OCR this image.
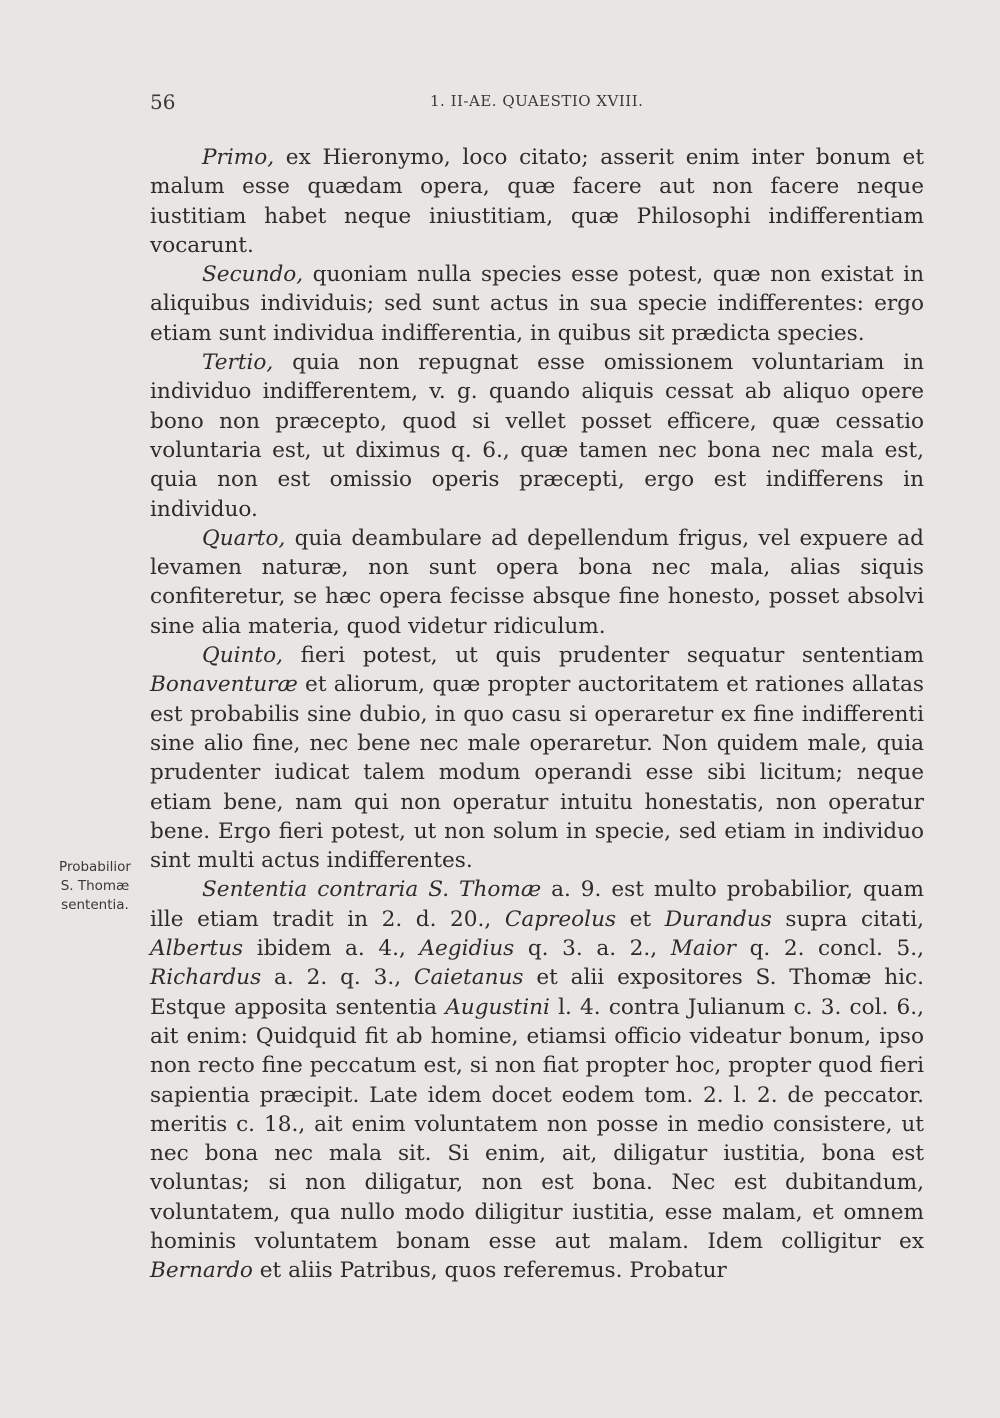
56	1. II-AE. QUAESTIO XVIII.
Probabilior
S. Thomæ
sententia.

Primo, ex Hieronymo, loco citato; asserit enim inter bonum et malum esse quædam opera, quæ facere aut non facere neque iustitiam habet neque iniustitiam, quæ Philosophi indifferentiam vocarunt.

Secundo, quoniam nulla species esse potest, quæ non existat in aliquibus individuis; sed sunt actus in sua specie indifferentes: ergo etiam sunt individua indifferentia, in quibus sit prædicta species.

Tertio, quia non repugnat esse omissionem voluntariam in individuo indifferentem, v. g. quando aliquis cessat ab aliquo opere bono non præcepto, quod si vellet posset efficere, quæ cessatio voluntaria est, ut diximus q. 6., quæ tamen nec bona nec mala est, quia non est omissio operis præcepti, ergo est indifferens in individuo.

Quarto, quia deambulare ad depellendum frigus, vel expuere ad levamen naturæ, non sunt opera bona nec mala, alias siquis confiteretur, se hæc opera fecisse absque fine honesto, posset absolvi sine alia materia, quod videtur ridiculum.

Quinto, fieri potest, ut quis prudenter sequatur sententiam Bonaventuræ et aliorum, quæ propter auctoritatem et rationes allatas est probabilis sine dubio, in quo casu si operaretur ex fine indifferenti sine alio fine, nec bene nec male operaretur. Non quidem male, quia prudenter iudicat talem modum operandi esse sibi licitum; neque etiam bene, nam qui non operatur intuitu honestatis, non operatur bene. Ergo fieri potest, ut non solum in specie, sed etiam in individuo sint multi actus indifferentes.

Sententia contraria S. Thomæ a. 9. est multo probabilior, quam ille etiam tradit in 2. d. 20., Capreolus et Durandus supra citati, Albertus ibidem a. 4., Aegidius q. 3. a. 2., Maior q. 2. concl. 5., Richardus a. 2. q. 3., Caietanus et alii expositores S. Thomæ hic. Estque apposita sententia Augustini l. 4. contra Julianum c. 3. col. 6., ait enim: Quidquid fit ab homine, etiamsi officio videatur bonum, ipso non recto fine peccatum est, si non fiat propter hoc, propter quod fieri sapientia præcipit. Late idem docet eodem tom. 2. l. 2. de peccator. meritis c. 18., ait enim voluntatem non posse in medio consistere, ut nec bona nec mala sit. Si enim, ait, diligatur iustitia, bona est voluntas; si non diligatur, non est bona. Nec est dubitandum, voluntatem, qua nullo modo diligitur iustitia, esse malam, et omnem hominis voluntatem bonam esse aut malam. Idem colligitur ex Bernardo et aliis Patribus, quos referemus. Probatur
